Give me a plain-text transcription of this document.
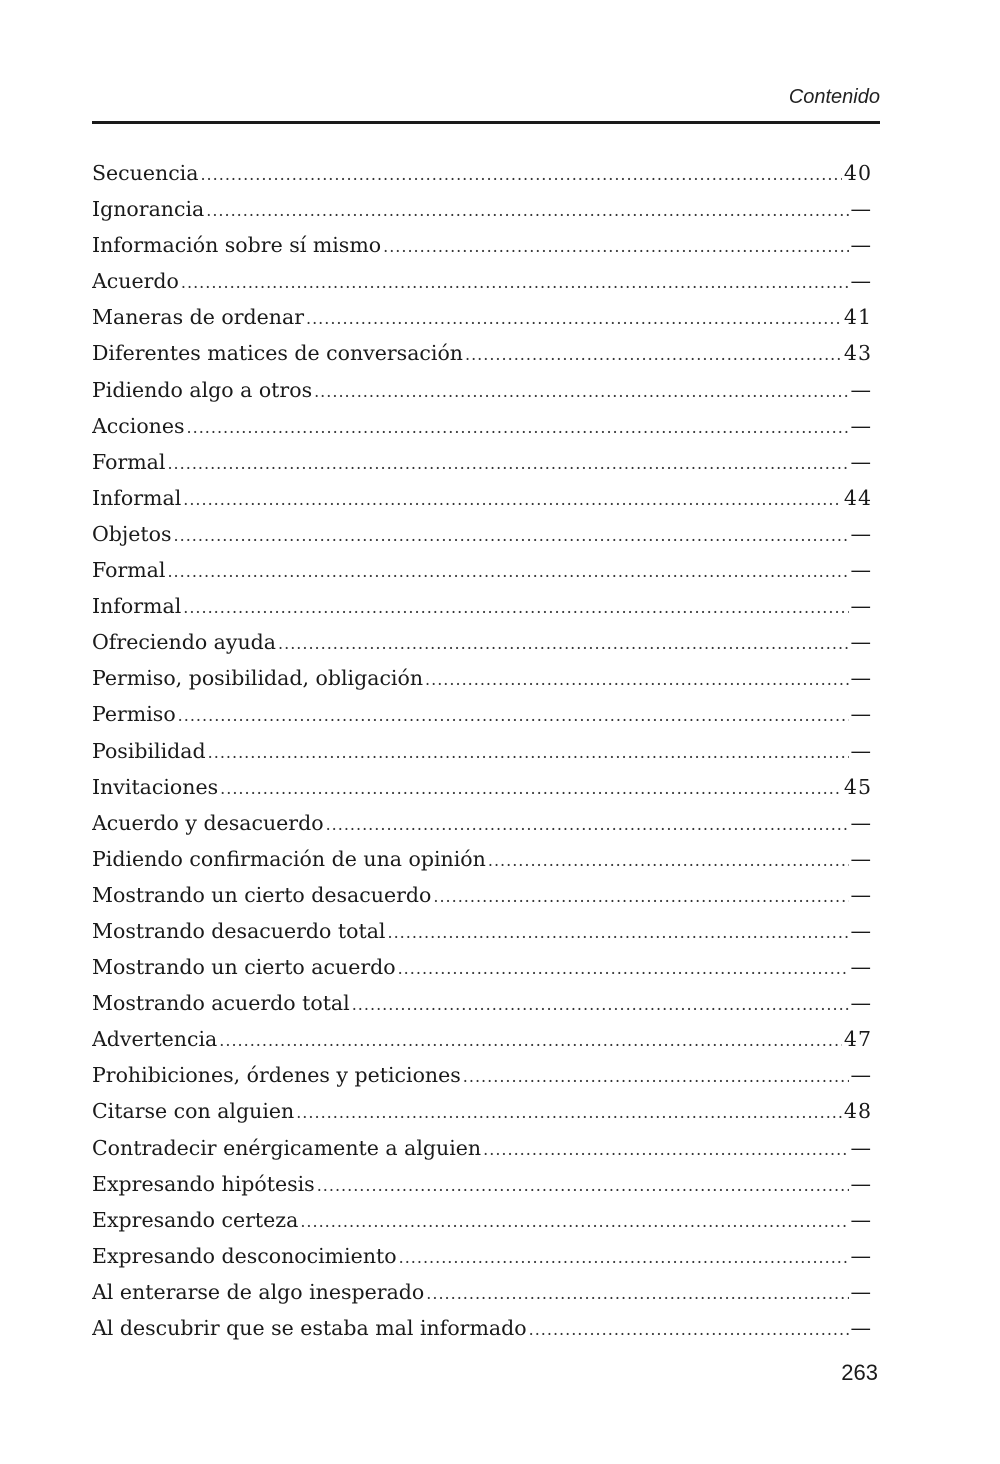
Contenido
Secuencia .....	40
Ignorancia .....	—
Información sobre sí mismo .....	—
Acuerdo .....	—
Maneras de ordenar .....	41
Diferentes matices de conversación .....	43
Pidiendo algo a otros .....	—
Acciones .....	—
Formal .....	—
Informal .....	44
Objetos .....	—
Formal .....	—
Informal .....	—
Ofreciendo ayuda .....	—
Permiso, posibilidad, obligación .....	—
Permiso .....	—
Posibilidad .....	—
Invitaciones .....	45
Acuerdo y desacuerdo .....	—
Pidiendo confirmación de una opinión .....	—
Mostrando un cierto desacuerdo .....	—
Mostrando desacuerdo total .....	—
Mostrando un cierto acuerdo .....	—
Mostrando acuerdo total .....	—
Advertencia .....	47
Prohibiciones, órdenes y peticiones .....	—
Citarse con alguien .....	48
Contradecir enérgicamente a alguien .....	—
Expresando hipótesis .....	—
Expresando certeza .....	—
Expresando desconocimiento .....	—
Al enterarse de algo inesperado .....	—
Al descubrir que se estaba mal informado .....	—
263
